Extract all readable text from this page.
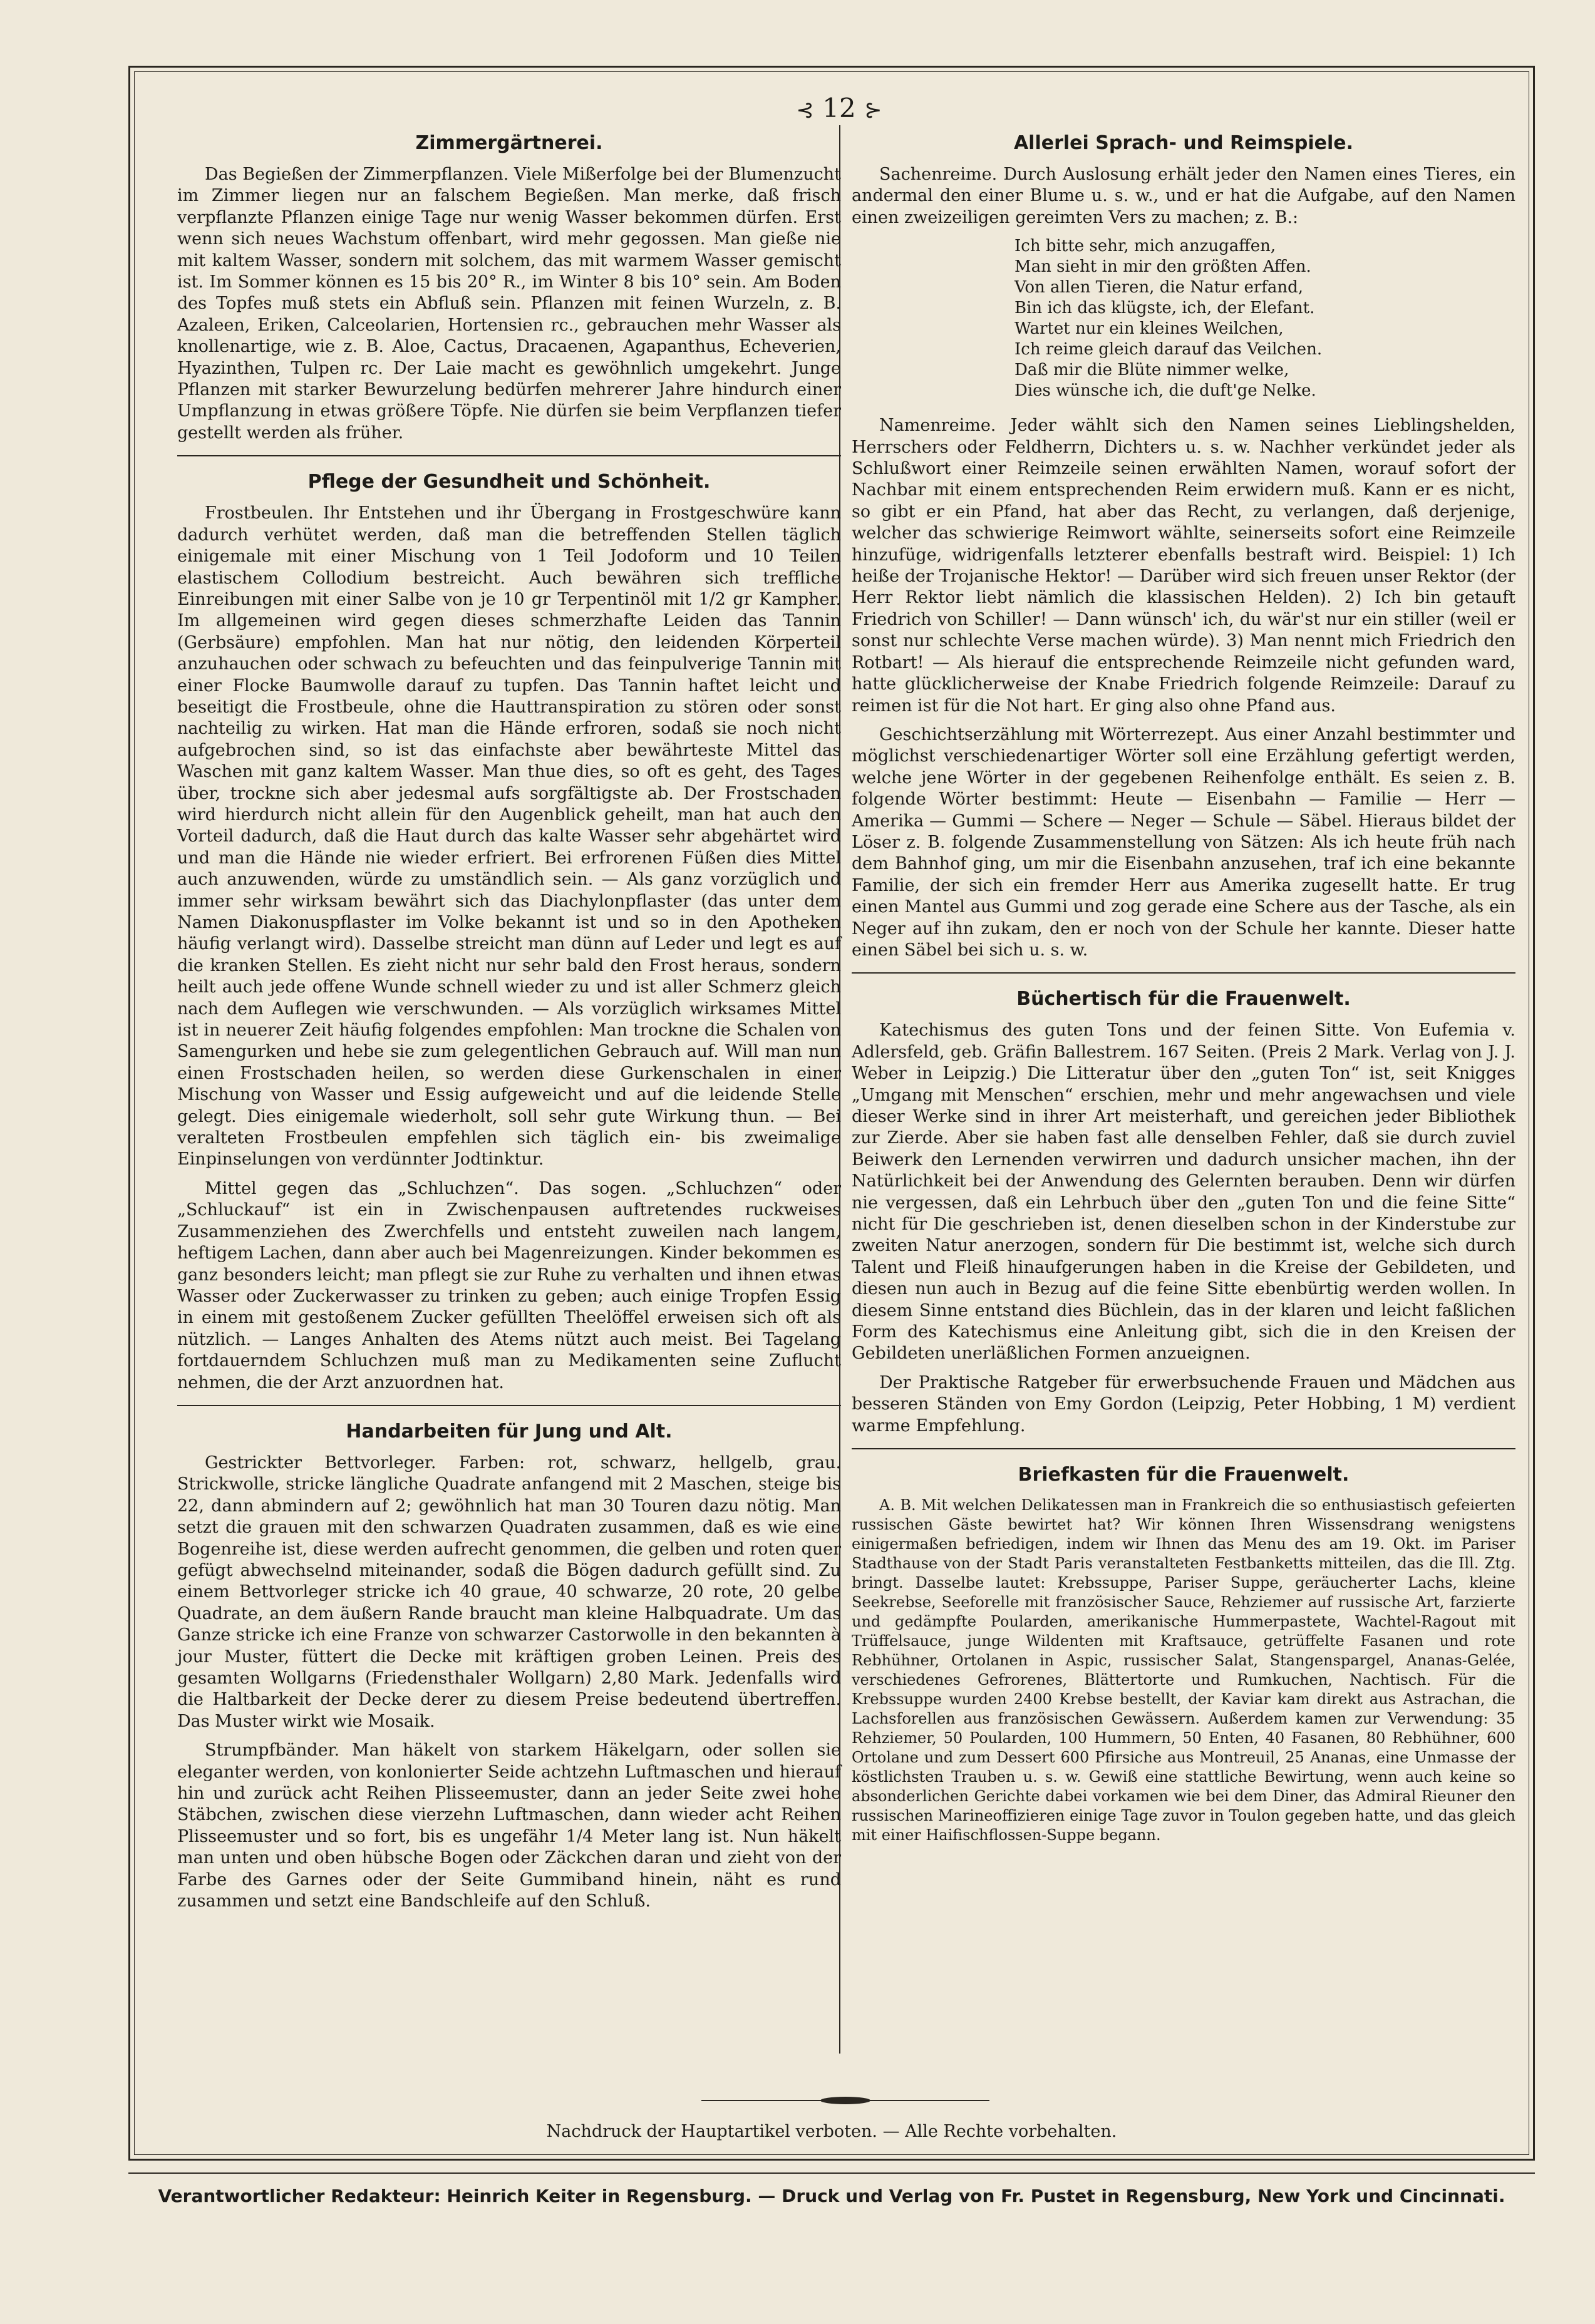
⊰ 12 ⊱
Zimmergärtnerei.

Das Begießen der Zimmerpflanzen. Viele Mißerfolge bei der Blumenzucht im Zimmer liegen nur an falschem Begießen. Man merke, daß frisch verpflanzte Pflanzen einige Tage nur wenig Wasser bekommen dürfen. Erst wenn sich neues Wachstum offenbart, wird mehr gegossen. Man gieße nie mit kaltem Wasser, sondern mit solchem, das mit warmem Wasser gemischt ist. Im Sommer können es 15 bis 20° R., im Winter 8 bis 10° sein. Am Boden des Topfes muß stets ein Abfluß sein. Pflanzen mit feinen Wurzeln, z. B. Azaleen, Eriken, Calceolarien, Hortensien rc., gebrauchen mehr Wasser als knollenartige, wie z. B. Aloe, Cactus, Dracaenen, Agapanthus, Echeverien, Hyazinthen, Tulpen rc. Der Laie macht es gewöhnlich umgekehrt. Junge Pflanzen mit starker Bewurzelung bedürfen mehrerer Jahre hindurch einer Umpflanzung in etwas größere Töpfe. Nie dürfen sie beim Verpflanzen tiefer gestellt werden als früher.

Pflege der Gesundheit und Schönheit.

Frostbeulen. Ihr Entstehen und ihr Übergang in Frostgeschwüre kann dadurch verhütet werden, daß man die betreffenden Stellen täglich einigemale mit einer Mischung von 1 Teil Jodoform und 10 Teilen elastischem Collodium bestreicht. Auch bewähren sich treffliche Einreibungen mit einer Salbe von je 10 gr Terpentinöl mit 1/2 gr Kampher. Im allgemeinen wird gegen dieses schmerzhafte Leiden das Tannin (Gerbsäure) empfohlen. Man hat nur nötig, den leidenden Körperteil anzuhauchen oder schwach zu befeuchten und das feinpulverige Tannin mit einer Flocke Baumwolle darauf zu tupfen. Das Tannin haftet leicht und beseitigt die Frostbeule, ohne die Hauttranspiration zu stören oder sonst nachteilig zu wirken. Hat man die Hände erfroren, sodaß sie noch nicht aufgebrochen sind, so ist das einfachste aber bewährteste Mittel das Waschen mit ganz kaltem Wasser. Man thue dies, so oft es geht, des Tages über, trockne sich aber jedesmal aufs sorgfältigste ab. Der Frostschaden wird hierdurch nicht allein für den Augenblick geheilt, man hat auch den Vorteil dadurch, daß die Haut durch das kalte Wasser sehr abgehärtet wird und man die Hände nie wieder erfriert. Bei erfrorenen Füßen dies Mittel auch anzuwenden, würde zu umständlich sein. — Als ganz vorzüglich und immer sehr wirksam bewährt sich das Diachylonpflaster (das unter dem Namen Diakonuspflaster im Volke bekannt ist und so in den Apotheken häufig verlangt wird). Dasselbe streicht man dünn auf Leder und legt es auf die kranken Stellen. Es zieht nicht nur sehr bald den Frost heraus, sondern heilt auch jede offene Wunde schnell wieder zu und ist aller Schmerz gleich nach dem Auflegen wie verschwunden. — Als vorzüglich wirksames Mittel ist in neuerer Zeit häufig folgendes empfohlen: Man trockne die Schalen von Samengurken und hebe sie zum gelegentlichen Gebrauch auf. Will man nun einen Frostschaden heilen, so werden diese Gurkenschalen in einer Mischung von Wasser und Essig aufgeweicht und auf die leidende Stelle gelegt. Dies einigemale wiederholt, soll sehr gute Wirkung thun. — Bei veralteten Frostbeulen empfehlen sich täglich ein- bis zweimalige Einpinselungen von verdünnter Jodtinktur.

Mittel gegen das „Schluchzen“. Das sogen. „Schluchzen“ oder „Schluckauf“ ist ein in Zwischenpausen auftretendes ruckweises Zusammenziehen des Zwerchfells und entsteht zuweilen nach langem, heftigem Lachen, dann aber auch bei Magenreizungen. Kinder bekommen es ganz besonders leicht; man pflegt sie zur Ruhe zu verhalten und ihnen etwas Wasser oder Zuckerwasser zu trinken zu geben; auch einige Tropfen Essig in einem mit gestoßenem Zucker gefüllten Theelöffel erweisen sich oft als nützlich. — Langes Anhalten des Atems nützt auch meist. Bei Tagelang fortdauerndem Schluchzen muß man zu Medikamenten seine Zuflucht nehmen, die der Arzt anzuordnen hat.

Handarbeiten für Jung und Alt.

Gestrickter Bettvorleger. Farben: rot, schwarz, hellgelb, grau. Strickwolle, stricke längliche Quadrate anfangend mit 2 Maschen, steige bis 22, dann abmindern auf 2; gewöhnlich hat man 30 Touren dazu nötig. Man setzt die grauen mit den schwarzen Quadraten zusammen, daß es wie eine Bogenreihe ist, diese werden aufrecht genommen, die gelben und roten quer gefügt abwechselnd miteinander, sodaß die Bögen dadurch gefüllt sind. Zu einem Bettvorleger stricke ich 40 graue, 40 schwarze, 20 rote, 20 gelbe Quadrate, an dem äußern Rande braucht man kleine Halbquadrate. Um das Ganze stricke ich eine Franze von schwarzer Castorwolle in den bekannten à jour Muster, füttert die Decke mit kräftigen groben Leinen. Preis des gesamten Wollgarns (Friedensthaler Wollgarn) 2,80 Mark. Jedenfalls wird die Haltbarkeit der Decke derer zu diesem Preise bedeutend übertreffen. Das Muster wirkt wie Mosaik.

Strumpfbänder. Man häkelt von starkem Häkelgarn, oder sollen sie eleganter werden, von konlonierter Seide achtzehn Luftmaschen und hierauf hin und zurück acht Reihen Plisseemuster, dann an jeder Seite zwei hohe Stäbchen, zwischen diese vierzehn Luftmaschen, dann wieder acht Reihen Plisseemuster und so fort, bis es ungefähr 1/4 Meter lang ist. Nun häkelt man unten und oben hübsche Bogen oder Zäckchen daran und zieht von der Farbe des Garnes oder der Seite Gummiband hinein, näht es rund zusammen und setzt eine Bandschleife auf den Schluß.

Allerlei Sprach- und Reimspiele.

Sachenreime. Durch Auslosung erhält jeder den Namen eines Tieres, ein andermal den einer Blume u. s. w., und er hat die Aufgabe, auf den Namen einen zweizeiligen gereimten Vers zu machen; z. B.:

Ich bitte sehr, mich anzugaffen,
Man sieht in mir den größten Affen.
Von allen Tieren, die Natur erfand,
Bin ich das klügste, ich, der Elefant.
Wartet nur ein kleines Weilchen,
Ich reime gleich darauf das Veilchen.
Daß mir die Blüte nimmer welke,
Dies wünsche ich, die duft'ge Nelke.

Namenreime. Jeder wählt sich den Namen seines Lieblingshelden, Herrschers oder Feldherrn, Dichters u. s. w. Nachher verkündet jeder als Schlußwort einer Reimzeile seinen erwählten Namen, worauf sofort der Nachbar mit einem entsprechenden Reim erwidern muß. Kann er es nicht, so gibt er ein Pfand, hat aber das Recht, zu verlangen, daß derjenige, welcher das schwierige Reimwort wählte, seinerseits sofort eine Reimzeile hinzufüge, widrigenfalls letzterer ebenfalls bestraft wird. Beispiel: 1) Ich heiße der Trojanische Hektor! — Darüber wird sich freuen unser Rektor (der Herr Rektor liebt nämlich die klassischen Helden). 2) Ich bin getauft Friedrich von Schiller! — Dann wünsch' ich, du wär'st nur ein stiller (weil er sonst nur schlechte Verse machen würde). 3) Man nennt mich Friedrich den Rotbart! — Als hierauf die entsprechende Reimzeile nicht gefunden ward, hatte glücklicherweise der Knabe Friedrich folgende Reimzeile: Darauf zu reimen ist für die Not hart. Er ging also ohne Pfand aus.

Geschichtserzählung mit Wörterrezept. Aus einer Anzahl bestimmter und möglichst verschiedenartiger Wörter soll eine Erzählung gefertigt werden, welche jene Wörter in der gegebenen Reihenfolge enthält. Es seien z. B. folgende Wörter bestimmt: Heute — Eisenbahn — Familie — Herr — Amerika — Gummi — Schere — Neger — Schule — Säbel. Hieraus bildet der Löser z. B. folgende Zusammenstellung von Sätzen: Als ich heute früh nach dem Bahnhof ging, um mir die Eisenbahn anzusehen, traf ich eine bekannte Familie, der sich ein fremder Herr aus Amerika zugesellt hatte. Er trug einen Mantel aus Gummi und zog gerade eine Schere aus der Tasche, als ein Neger auf ihn zukam, den er noch von der Schule her kannte. Dieser hatte einen Säbel bei sich u. s. w.

Büchertisch für die Frauenwelt.

Katechismus des guten Tons und der feinen Sitte. Von Eufemia v. Adlersfeld, geb. Gräfin Ballestrem. 167 Seiten. (Preis 2 Mark. Verlag von J. J. Weber in Leipzig.) Die Litteratur über den „guten Ton“ ist, seit Knigges „Umgang mit Menschen“ erschien, mehr und mehr angewachsen und viele dieser Werke sind in ihrer Art meisterhaft, und gereichen jeder Bibliothek zur Zierde. Aber sie haben fast alle denselben Fehler, daß sie durch zuviel Beiwerk den Lernenden verwirren und dadurch unsicher machen, ihn der Natürlichkeit bei der Anwendung des Gelernten berauben. Denn wir dürfen nie vergessen, daß ein Lehrbuch über den „guten Ton und die feine Sitte“ nicht für Die geschrieben ist, denen dieselben schon in der Kinderstube zur zweiten Natur anerzogen, sondern für Die bestimmt ist, welche sich durch Talent und Fleiß hinaufgerungen haben in die Kreise der Gebildeten, und diesen nun auch in Bezug auf die feine Sitte ebenbürtig werden wollen. In diesem Sinne entstand dies Büchlein, das in der klaren und leicht faßlichen Form des Katechismus eine Anleitung gibt, sich die in den Kreisen der Gebildeten unerläßlichen Formen anzueignen.

Der Praktische Ratgeber für erwerbsuchende Frauen und Mädchen aus besseren Ständen von Emy Gordon (Leipzig, Peter Hobbing, 1 M) verdient warme Empfehlung.

Briefkasten für die Frauenwelt.

A. B. Mit welchen Delikatessen man in Frankreich die so enthusiastisch gefeierten russischen Gäste bewirtet hat? Wir können Ihren Wissensdrang wenigstens einigermaßen befriedigen, indem wir Ihnen das Menu des am 19. Okt. im Pariser Stadthause von der Stadt Paris veranstalteten Festbanketts mitteilen, das die Ill. Ztg. bringt. Dasselbe lautet: Krebssuppe, Pariser Suppe, geräucherter Lachs, kleine Seekrebse, Seeforelle mit französischer Sauce, Rehziemer auf russische Art, farzierte und gedämpfte Poularden, amerikanische Hummerpastete, Wachtel-Ragout mit Trüffelsauce, junge Wildenten mit Kraftsauce, getrüffelte Fasanen und rote Rebhühner, Ortolanen in Aspic, russischer Salat, Stangenspargel, Ananas-Gelée, verschiedenes Gefrorenes, Blättertorte und Rumkuchen, Nachtisch. Für die Krebssuppe wurden 2400 Krebse bestellt, der Kaviar kam direkt aus Astrachan, die Lachsforellen aus französischen Gewässern. Außerdem kamen zur Verwendung: 35 Rehziemer, 50 Poularden, 100 Hummern, 50 Enten, 40 Fasanen, 80 Rebhühner, 600 Ortolane und zum Dessert 600 Pfirsiche aus Montreuil, 25 Ananas, eine Unmasse der köstlichsten Trauben u. s. w. Gewiß eine stattliche Bewirtung, wenn auch keine so absonderlichen Gerichte dabei vorkamen wie bei dem Diner, das Admiral Rieuner den russischen Marineoffizieren einige Tage zuvor in Toulon gegeben hatte, und das gleich mit einer Haifischflossen-Suppe begann.

Nachdruck der Hauptartikel verboten. — Alle Rechte vorbehalten.
Verantwortlicher Redakteur: Heinrich Keiter in Regensburg. — Druck und Verlag von Fr. Pustet in Regensburg, New York und Cincinnati.
